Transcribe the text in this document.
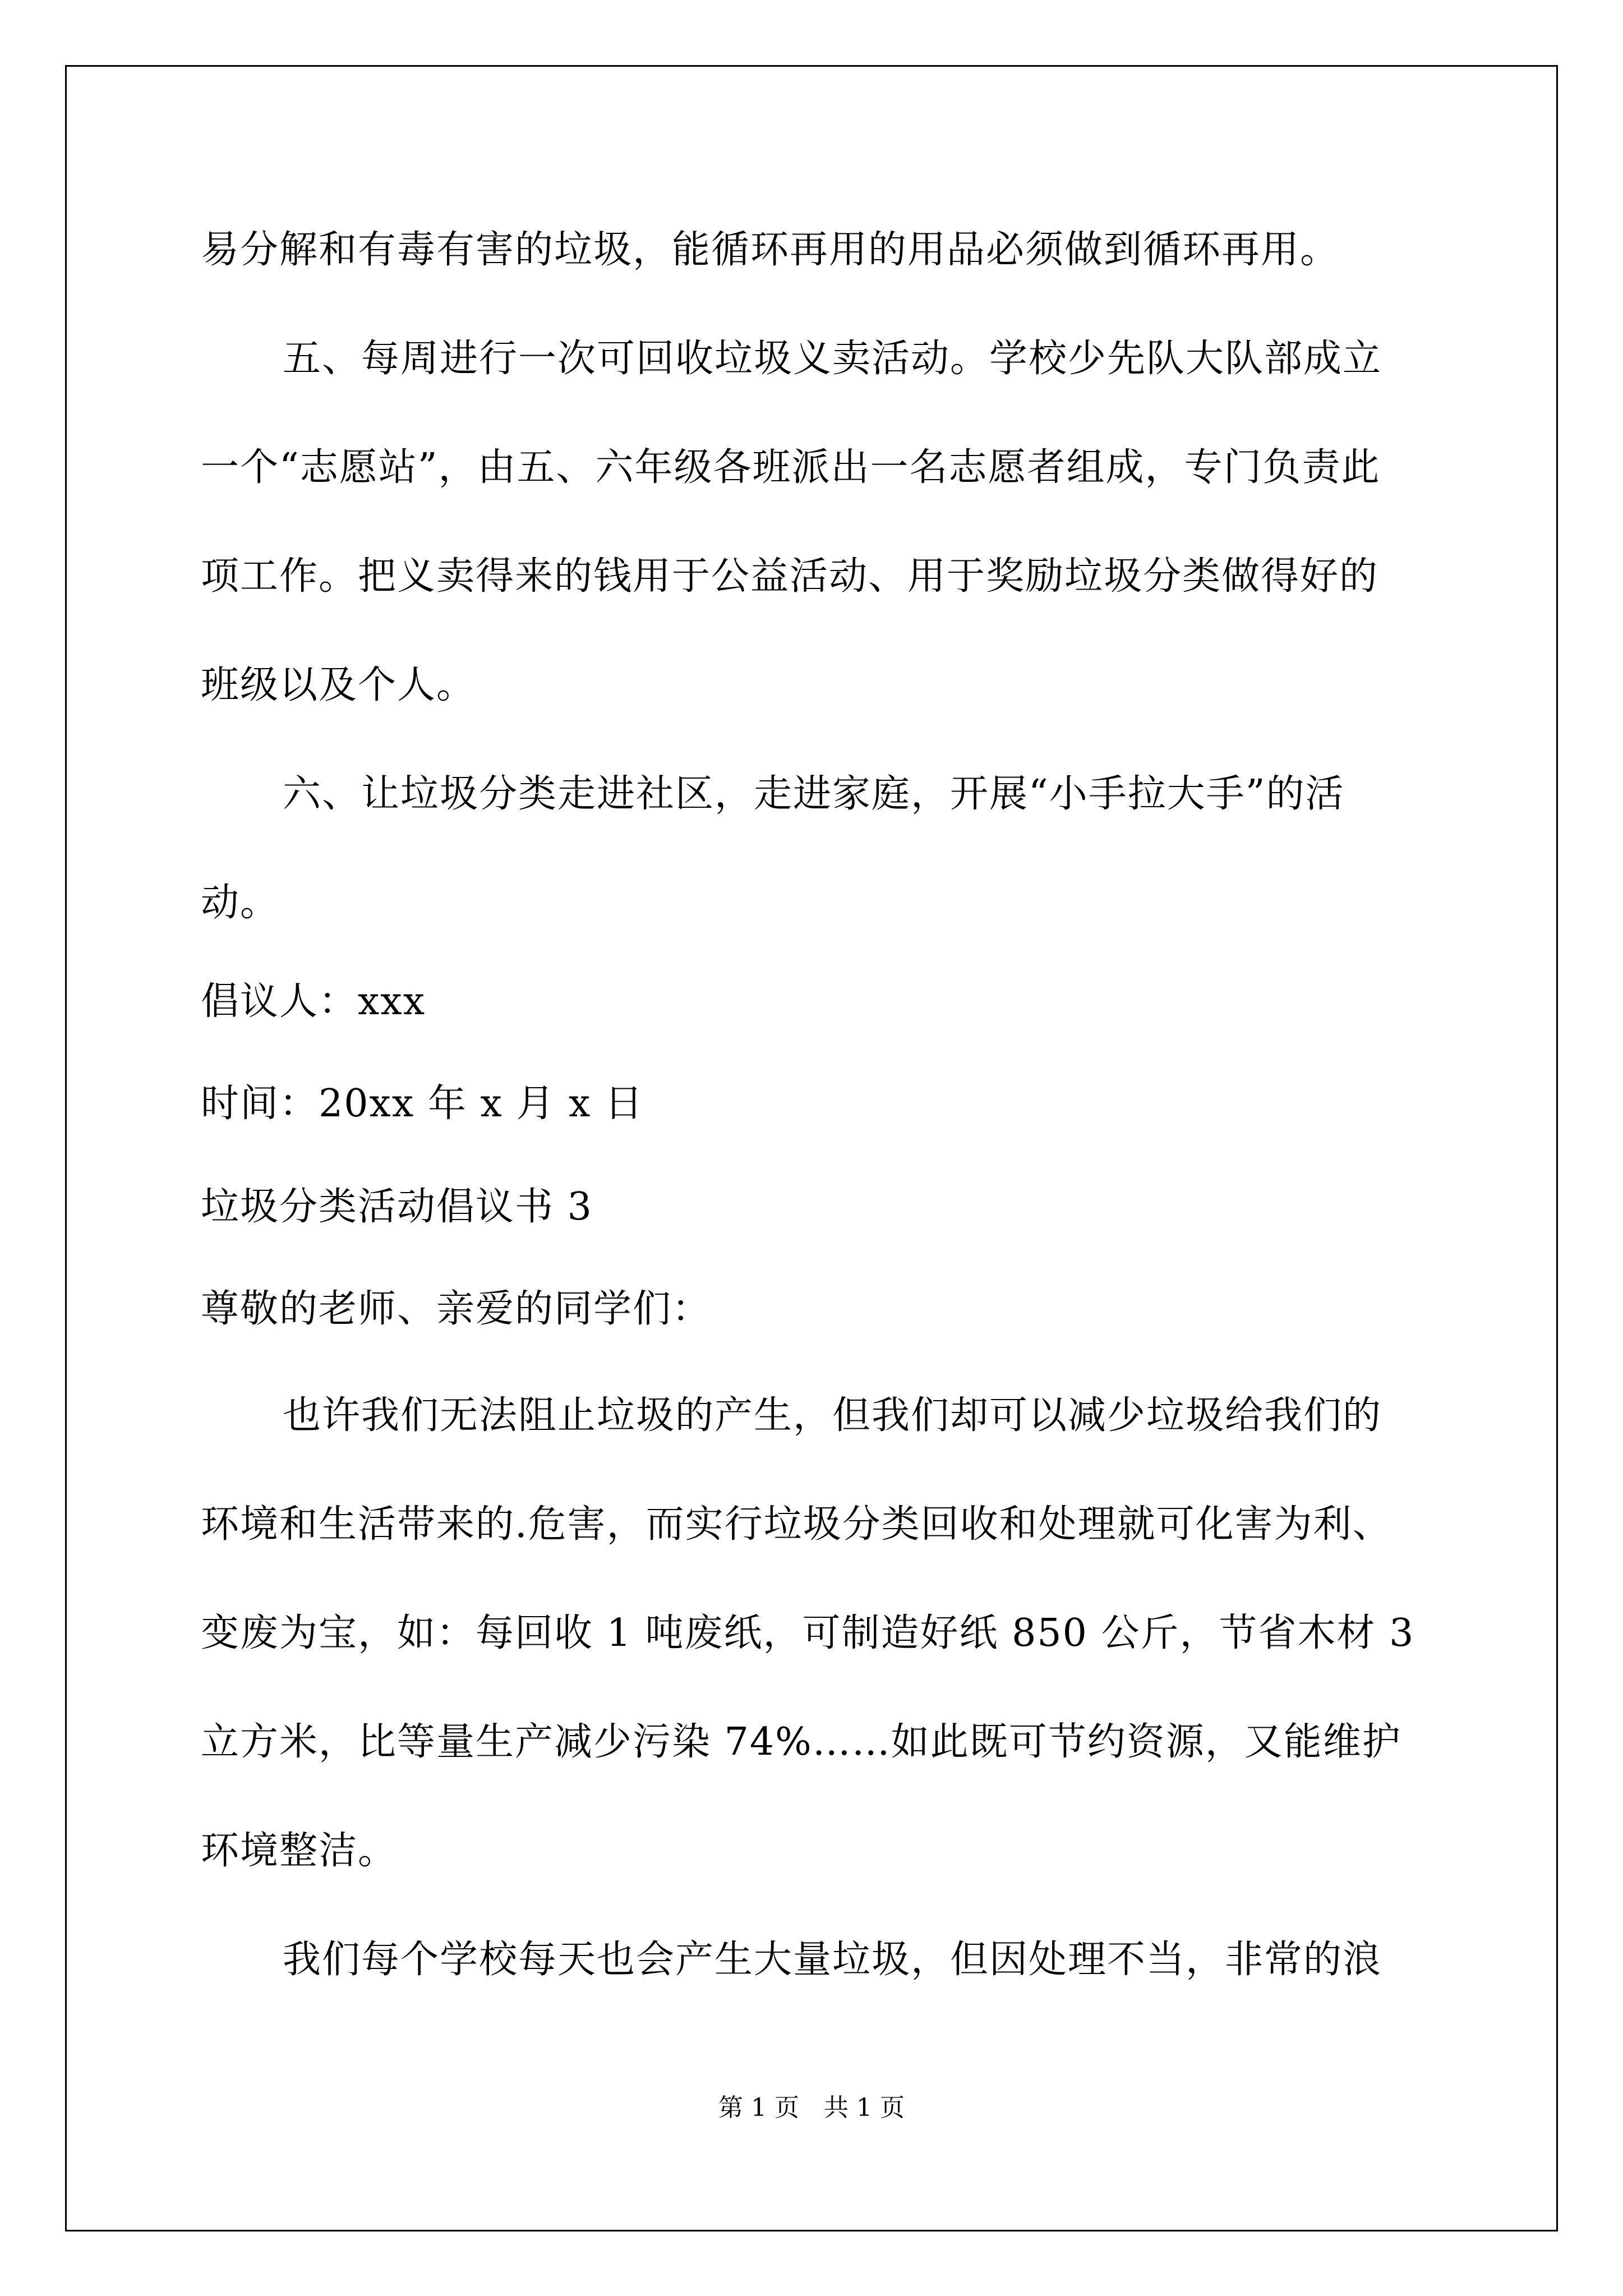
易分解和有毒有害的垃圾，能循环再用的用品必须做到循环再用。
五、每周进行一次可回收垃圾义卖活动。学校少先队大队部成立
一个“志愿站”，由五、六年级各班派出一名志愿者组成，专门负责此
项工作。把义卖得来的钱用于公益活动、用于奖励垃圾分类做得好的
班级以及个人。
六、让垃圾分类走进社区，走进家庭，开展“小手拉大手”的活
动。
倡议人：xxx
时间：20xx 年 x 月 x 日
垃圾分类活动倡议书 3
尊敬的老师、亲爱的同学们：
也许我们无法阻止垃圾的产生，但我们却可以减少垃圾给我们的
环境和生活带来的.危害，而实行垃圾分类回收和处理就可化害为利、
变废为宝，如：每回收 1 吨废纸，可制造好纸 850 公斤，节省木材 3
立方米，比等量生产减少污染 74%……如此既可节约资源，又能维护
环境整洁。
我们每个学校每天也会产生大量垃圾，但因处理不当，非常的浪
第 1 页　共 1 页
